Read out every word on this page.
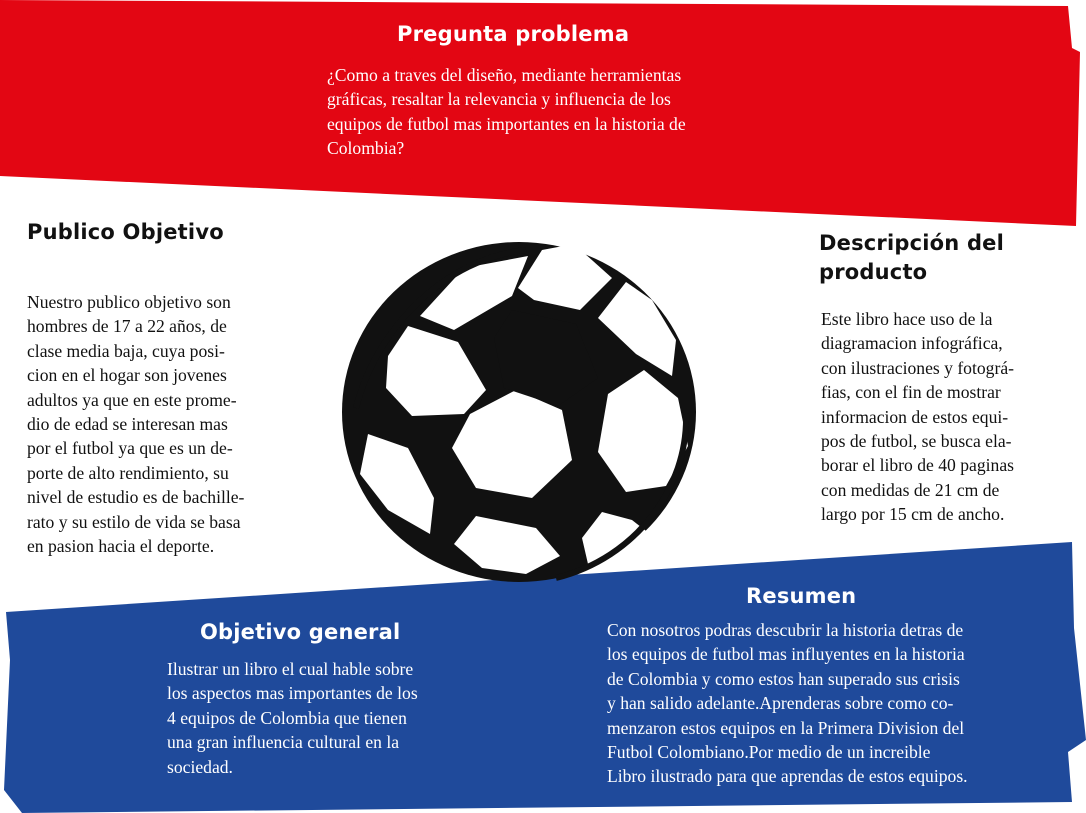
Pregunta problema

¿Como a traves del diseño, mediante herramientas
gráficas, resaltar la relevancia y influencia de los
equipos de futbol mas importantes en la historia de
Colombia?

Publico Objetivo

Nuestro publico objetivo son
hombres de 17 a 22 años, de
clase media baja, cuya posi-
cion en el hogar son jovenes
adultos ya que en este prome-
dio de edad se interesan mas
por el futbol ya que es un de-
porte de alto rendimiento, su
nivel de estudio es de bachille-
rato y su estilo de vida se basa
en pasion hacia el deporte.

Descripción del
producto

Este libro hace uso de la
diagramacion infográfica,
con ilustraciones y fotográ-
fias, con el fin de mostrar
informacion de estos equi-
pos de futbol, se busca ela-
borar el libro de 40 paginas
con medidas de 21 cm de
largo por 15 cm de ancho.

Objetivo general

Ilustrar un libro el cual hable sobre
los aspectos mas importantes de los
4 equipos de Colombia que tienen
una gran influencia cultural en la
sociedad.

Resumen

Con nosotros podras descubrir la historia detras de
los equipos de futbol mas influyentes en la historia
de Colombia y como estos han superado sus crisis
y han salido adelante.Aprenderas sobre como co-
menzaron estos equipos en la Primera Division del
Futbol Colombiano.Por medio de un increible
Libro ilustrado para que aprendas de estos equipos.
